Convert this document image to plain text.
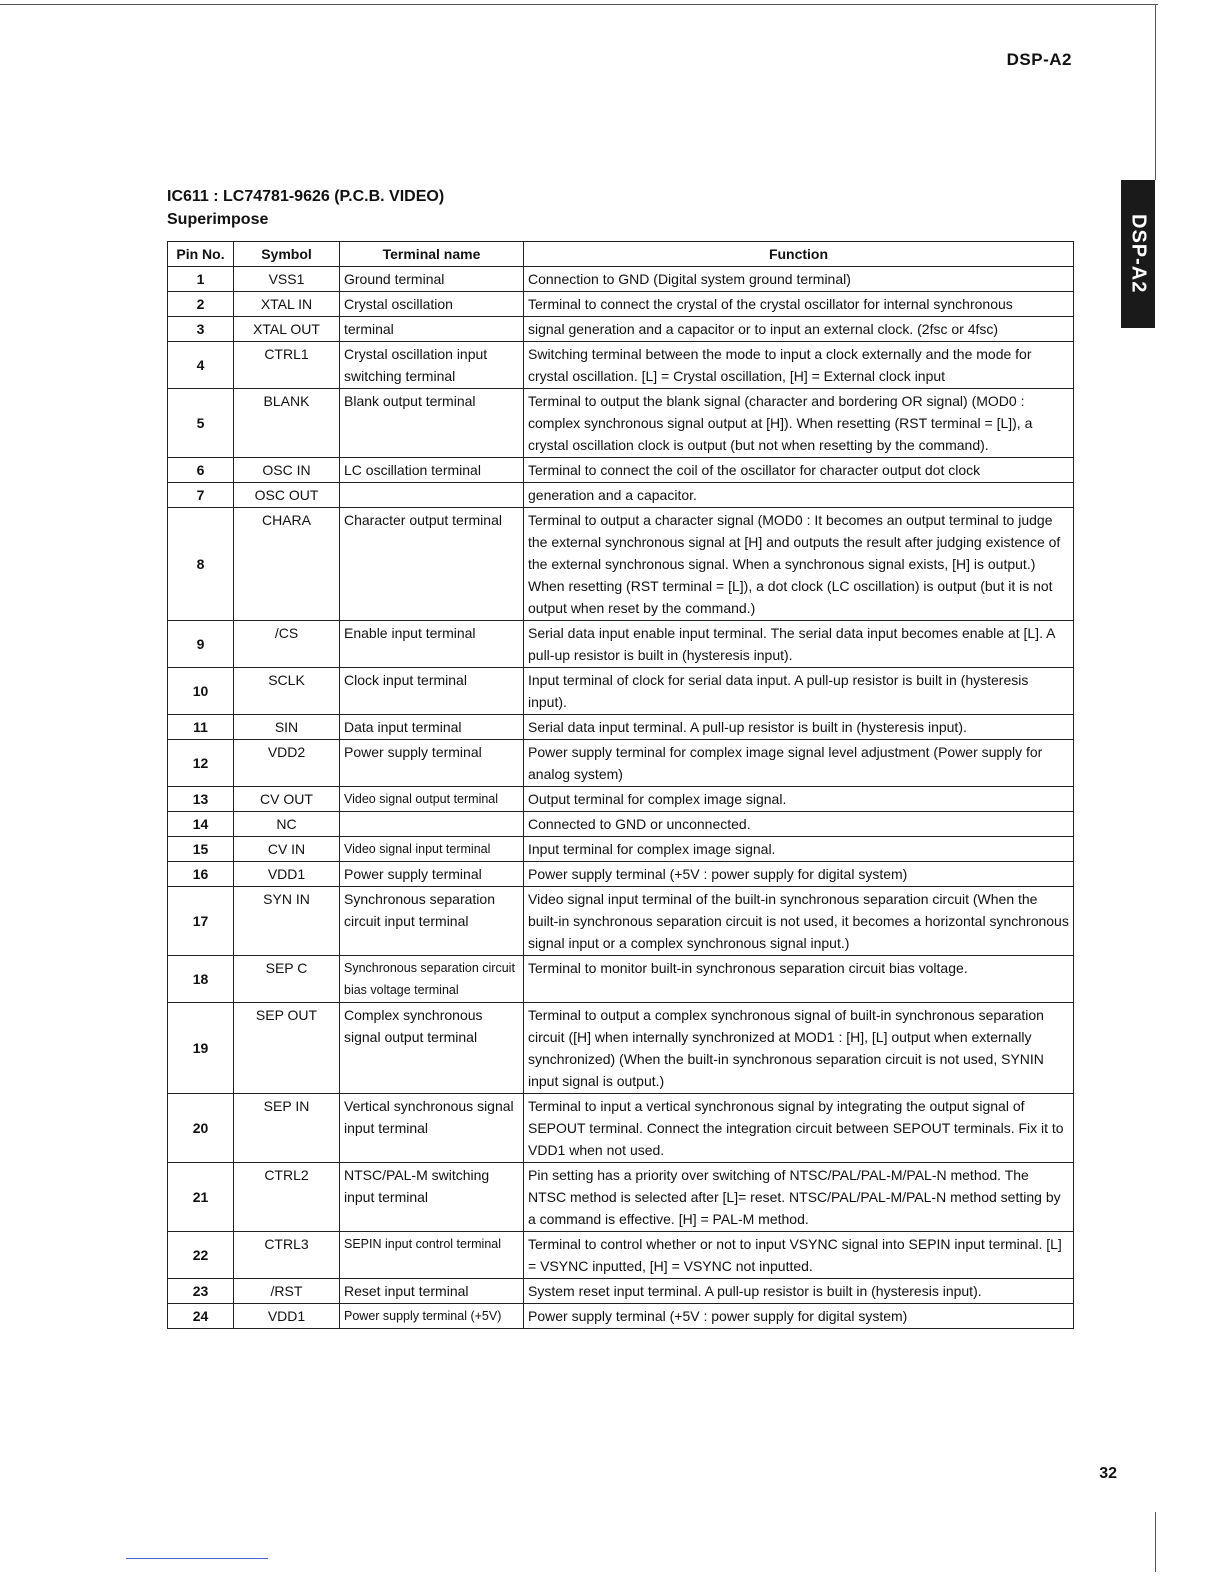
DSP-A2
DSP-A2
IC611 : LC74781-9626 (P.C.B. VIDEO)
Superimpose
Pin No.	Symbol	Terminal name	Function
1	VSS1	Ground terminal	Connection to GND (Digital system ground terminal)
2	XTAL IN	Crystal oscillation	Terminal to connect the crystal of the crystal oscillator for internal synchronous
3	XTAL OUT	terminal	signal generation and a capacitor or to input an external clock. (2fsc or 4fsc)
4	CTRL1	Crystal oscillation input switching terminal	Switching terminal between the mode to input a clock externally and the mode for crystal oscillation. [L] = Crystal oscillation, [H] = External clock input
5	BLANK	Blank output terminal	Terminal to output the blank signal (character and bordering OR signal) (MOD0 : complex synchronous signal output at [H]). When resetting (RST terminal = [L]), a crystal oscillation clock is output (but not when resetting by the command).
6	OSC IN	LC oscillation terminal	Terminal to connect the coil of the oscillator for character output dot clock
7	OSC OUT		generation and a capacitor.
8	CHARA	Character output terminal	Terminal to output a character signal (MOD0 : It becomes an output terminal to judge the external synchronous signal at [H] and outputs the result after judging existence of the external synchronous signal. When a synchronous signal exists, [H] is output.) When resetting (RST terminal = [L]), a dot clock (LC oscillation) is output (but it is not output when reset by the command.)
9	/CS	Enable input terminal	Serial data input enable input terminal. The serial data input becomes enable at [L]. A pull-up resistor is built in (hysteresis input).
10	SCLK	Clock input terminal	Input terminal of clock for serial data input. A pull-up resistor is built in (hysteresis input).
11	SIN	Data input terminal	Serial data input terminal. A pull-up resistor is built in (hysteresis input).
12	VDD2	Power supply terminal	Power supply terminal for complex image signal level adjustment (Power supply for analog system)
13	CV OUT	Video signal output terminal	Output terminal for complex image signal.
14	NC		Connected to GND or unconnected.
15	CV IN	Video signal input terminal	Input terminal for complex image signal.
16	VDD1	Power supply terminal	Power supply terminal (+5V : power supply for digital system)
17	SYN IN	Synchronous separation circuit input terminal	Video signal input terminal of the built-in synchronous separation circuit (When the built-in synchronous separation circuit is not used, it becomes a horizontal synchronous signal input or a complex synchronous signal input.)
18	SEP C	Synchronous separation circuit bias voltage terminal	Terminal to monitor built-in synchronous separation circuit bias voltage.
19	SEP OUT	Complex synchronous signal output terminal	Terminal to output a complex synchronous signal of built-in synchronous separation circuit ([H] when internally synchronized at MOD1 : [H], [L] output when externally synchronized) (When the built-in synchronous separation circuit is not used, SYNIN input signal is output.)
20	SEP IN	Vertical synchronous signal input terminal	Terminal to input a vertical synchronous signal by integrating the output signal of SEPOUT terminal. Connect the integration circuit between SEPOUT terminals. Fix it to VDD1 when not used.
21	CTRL2	NTSC/PAL-M switching input terminal	Pin setting has a priority over switching of NTSC/PAL/PAL-M/PAL-N method. The NTSC method is selected after [L]= reset. NTSC/PAL/PAL-M/PAL-N method setting by a command is effective. [H] = PAL-M method.
22	CTRL3	SEPIN input control terminal	Terminal to control whether or not to input VSYNC signal into SEPIN input terminal. [L] = VSYNC inputted, [H] = VSYNC not inputted.
23	/RST	Reset input terminal	System reset input terminal. A pull-up resistor is built in (hysteresis input).
24	VDD1	Power supply terminal (+5V)	Power supply terminal (+5V : power supply for digital system)
32
